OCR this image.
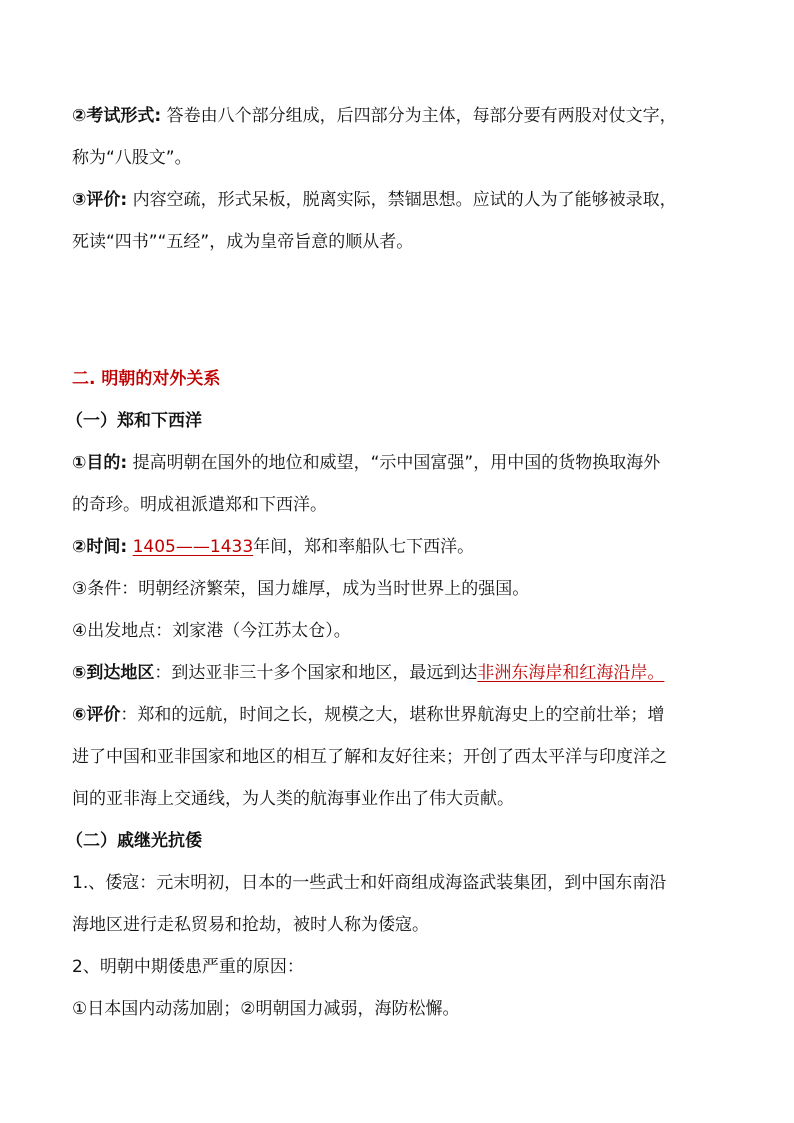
②考试形式: 答卷由八个部分组成，后四部分为主体，每部分要有两股对仗文字，
称为“八股文”。
③评价: 内容空疏，形式呆板，脱离实际，禁锢思想。应试的人为了能够被录取，
死读“四书”“五经”，成为皇帝旨意的顺从者。
二. 明朝的对外关系
（一）郑和下西洋
①目的: 提高明朝在国外的地位和威望，“示中国富强”，用中国的货物换取海外
的奇珍。明成祖派遣郑和下西洋。
②时间: 1405——1433年间，郑和率船队七下西洋。
③条件：明朝经济繁荣，国力雄厚，成为当时世界上的强国。
④出发地点：刘家港（今江苏太仓）。
⑤到达地区：到达亚非三十多个国家和地区，最远到达非洲东海岸和红海沿岸。
⑥评价：郑和的远航，时间之长，规模之大，堪称世界航海史上的空前壮举；增
进了中国和亚非国家和地区的相互了解和友好往来；开创了西太平洋与印度洋之
间的亚非海上交通线，为人类的航海事业作出了伟大贡献。
（二）戚继光抗倭
1.、倭寇：元末明初，日本的一些武士和奸商组成海盗武装集团，到中国东南沿
海地区进行走私贸易和抢劫，被时人称为倭寇。
2、明朝中期倭患严重的原因：
①日本国内动荡加剧；②明朝国力减弱，海防松懈。
